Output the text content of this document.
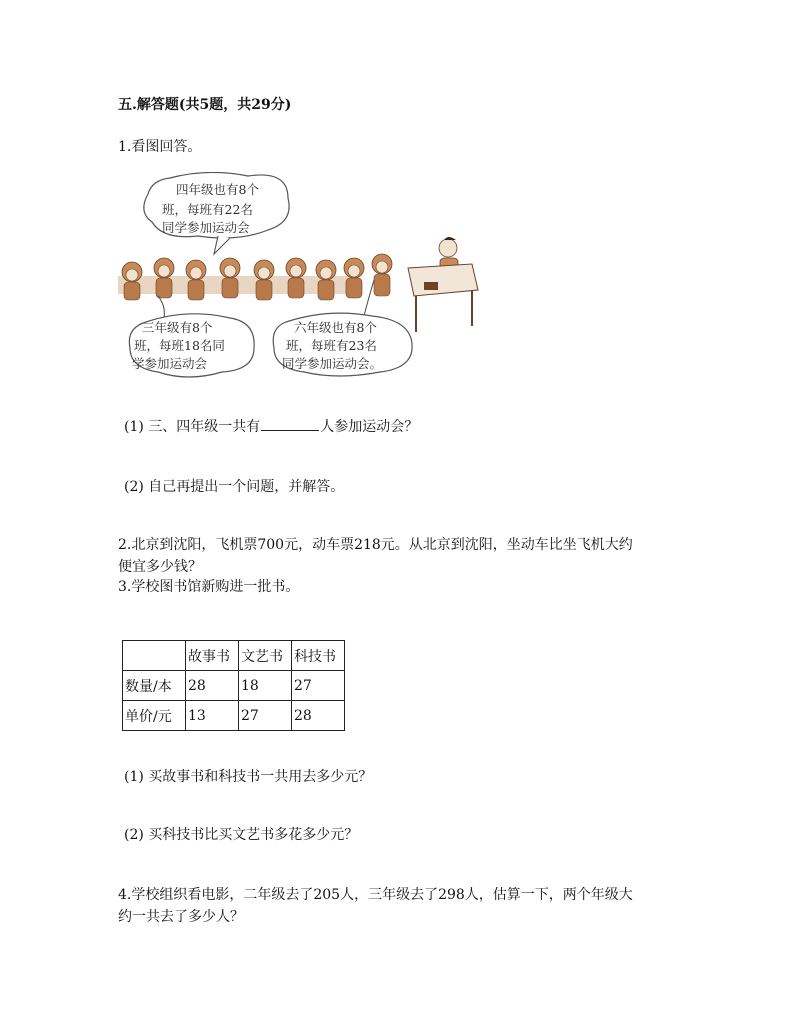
五.解答题(共5题，共29分)
1.看图回答。
四年级也有8个
班，每班有22名
同学参加运动会
三年级有8个
班，每班18名同
学参加运动会
六年级也有8个
班，每班有23名
同学参加运动会。
(1) 三、四年级一共有	人参加运动会？
(2) 自己再提出一个问题，并解答。
2.北京到沈阳，飞机票700元，动车票218元。从北京到沈阳，坐动车比坐飞机大约
便宜多少钱？
3.学校图书馆新购进一批书。
	故事书	文艺书	科技书
数量/本	28	18	27
单价/元	13	27	28
(1) 买故事书和科技书一共用去多少元？
(2) 买科技书比买文艺书多花多少元？
4.学校组织看电影，二年级去了205人，三年级去了298人，估算一下，两个年级大
约一共去了多少人？
